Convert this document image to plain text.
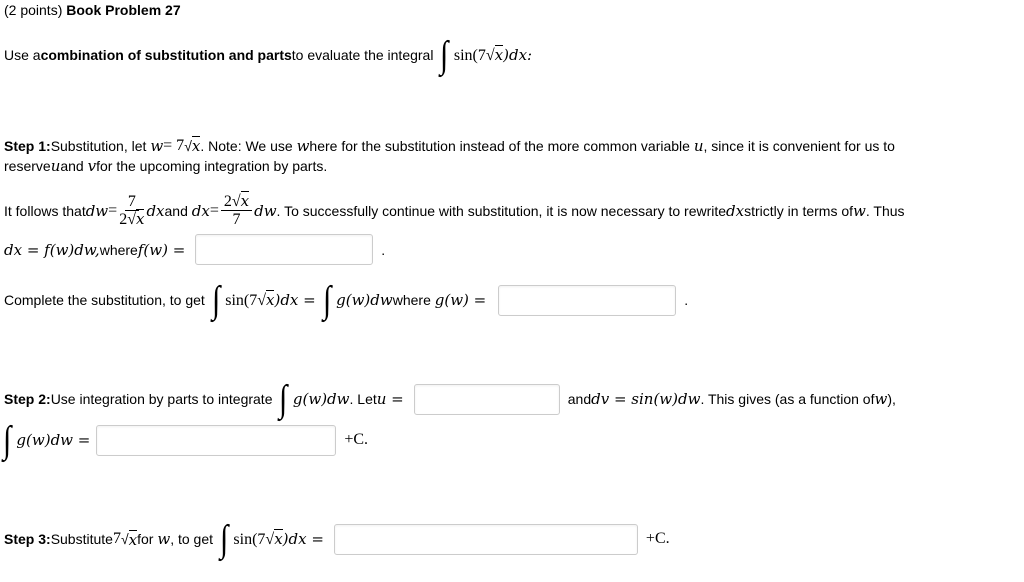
(2 points)
Book Problem 27
Use a combination of substitution and parts to evaluate the integral ∫ sin(7√x)dx:
Step 1: Substitution, let
w = 7 √ x . Note: We use
w here for the substitution instead of the more common variable
u , since it is convenient for us to
reserve u and
v for the upcoming integration by parts.
It follows that dw = $\frac{7}{2√x}$ dx and
dx = $\frac{2√x}{7}$ dw . To successfully continue with substitution, it is now necessary to rewrite dx strictly in terms of w . Thus
dx = f(w)dw, where f(w) =	.
Complete the substitution, to get ∫ sin(7√x)dx = ∫ g(w)dw where
g(w) =	.
Step 2: Use integration by parts to integrate ∫ g(w)dw . Let u =	and dv = sin(w)dw . This gives (as a function of w ),
∫ g(w)dw =	+C.
Step 3: Substitute 7 √ x for
w , to get ∫ sin(7√x)dx =	+C.
